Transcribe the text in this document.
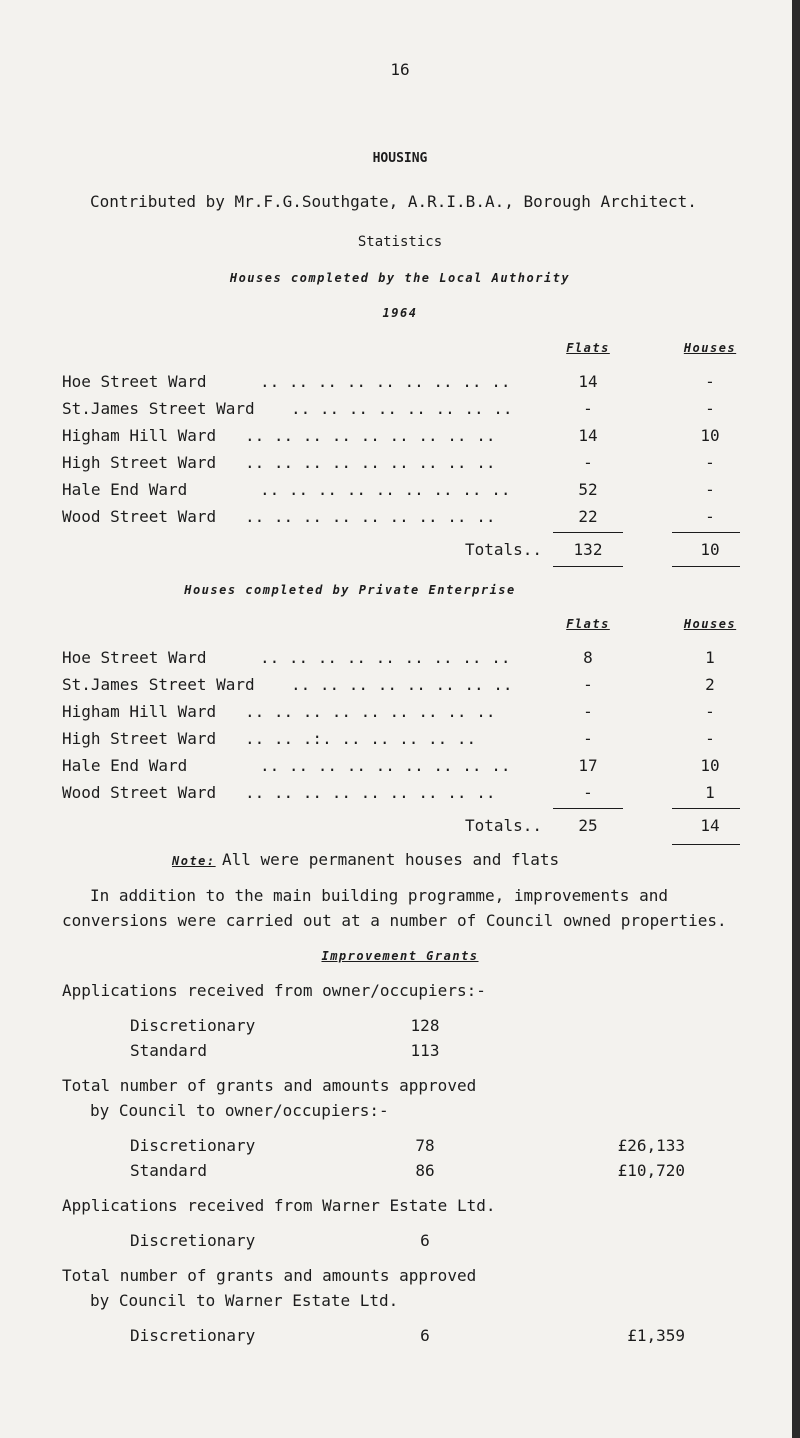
16
HOUSING
Contributed by Mr.F.G.Southgate, A.R.I.B.A., Borough Architect.
Statistics
Houses completed by the Local Authority
1964
Flats	Houses
Hoe Street Ward	.. .. .. .. .. .. .. .. ..	14	-
St.James Street Ward .. .. .. .. .. .. .. ..	-	-
Higham Hill Ward .. .. .. .. .. .. .. .. ..	14	10
High Street Ward .. .. .. .. .. .. .. .. ..	-	-
Hale End Ward	.. .. .. .. .. .. .. .. ..	52	-
Wood Street Ward .. .. .. .. .. .. .. .. ..	22	-
Totals..	132	10
Houses completed by Private Enterprise
Flats	Houses
Hoe Street Ward	.. .. .. .. .. .. .. .. ..	8	1
St.James Street Ward .. .. .. .. .. .. .. ..	-	2
Higham Hill Ward .. .. .. .. .. .. .. .. ..	-	-
High Street Ward .. .. .:. .. .. .. .. ..	-	-
Hale End Ward	.. .. .. .. .. .. .. .. ..	17	10
Wood Street Ward .. .. .. .. .. .. .. .. ..	-	1
Totals..	25	14
Note: All were permanent houses and flats
In addition to the main building programme, improvements and
conversions were carried out at a number of Council owned properties.
Improvement Grants
Applications received from owner/occupiers:-
Discretionary	128
Standard	113
Total number of grants and amounts approved
by Council to owner/occupiers:-
Discretionary	78	£26,133
Standard	86	£10,720
Applications received from Warner Estate Ltd.
Discretionary	6
Total number of grants and amounts approved
by Council to Warner Estate Ltd.
Discretionary	6	£1,359
